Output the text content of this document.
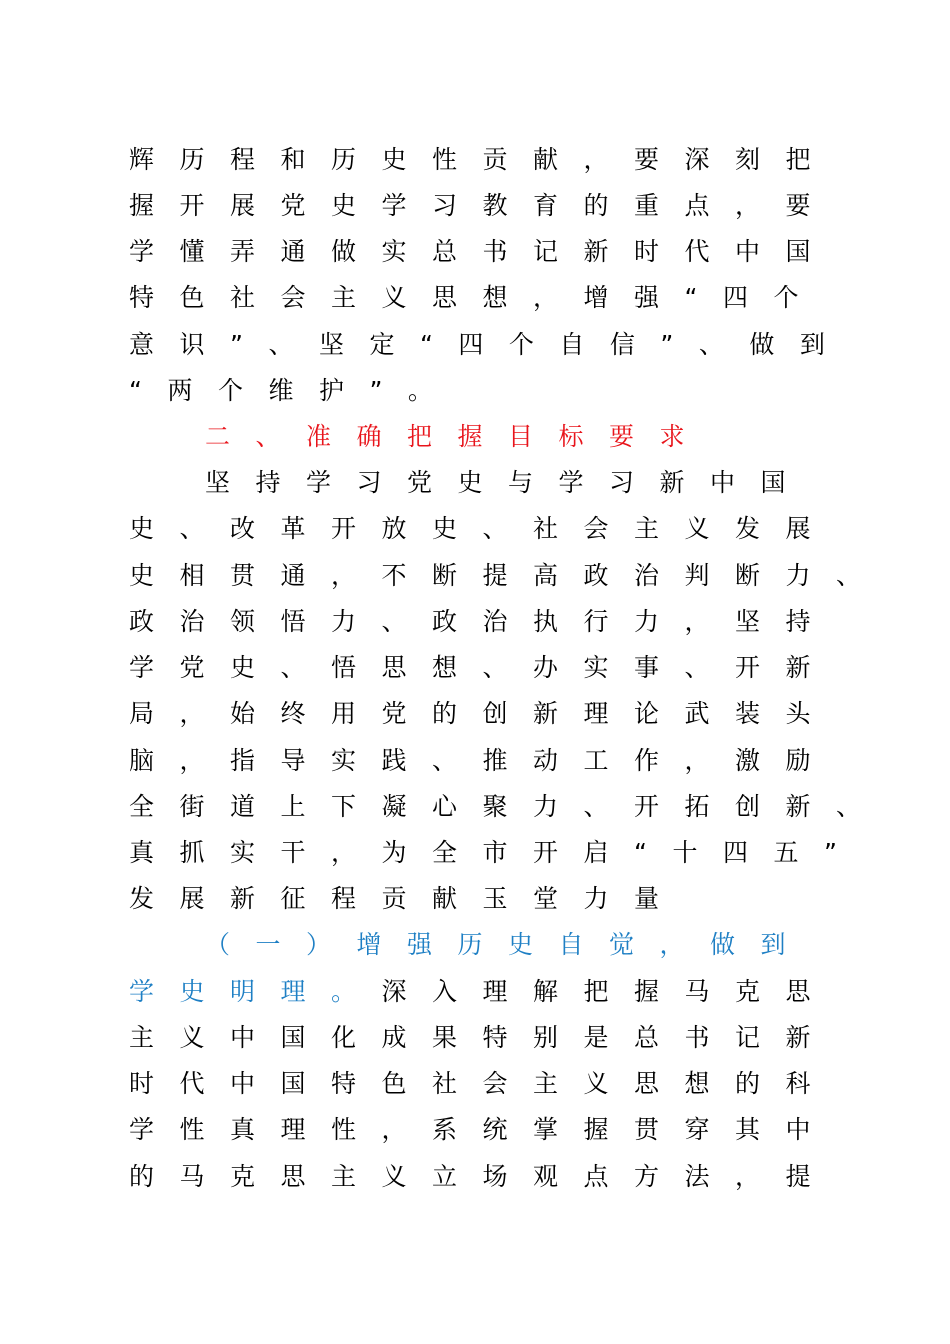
辉历程和历史性贡献，要深刻把
握开展党史学习教育的重点，要
学懂弄通做实总书记新时代中国
特色社会主义思想，增强“四个
意识”、坚定“四个自信”、做到
“两个维护”。
二、准确把握目标要求
坚持学习党史与学习新中国
史、改革开放史、社会主义发展
史相贯通，不断提高政治判断力、
政治领悟力、政治执行力，坚持
学党史、悟思想、办实事、开新
局，始终用党的创新理论武装头
脑，指导实践、推动工作，激励
全街道上下凝心聚力、开拓创新、
真抓实干，为全市开启“十四五”
发展新征程贡献玉堂力量
（一）增强历史自觉，做到
学史明理。深入理解把握马克思
主义中国化成果特别是总书记新
时代中国特色社会主义思想的科
学性真理性，系统掌握贯穿其中
的马克思主义立场观点方法，提
